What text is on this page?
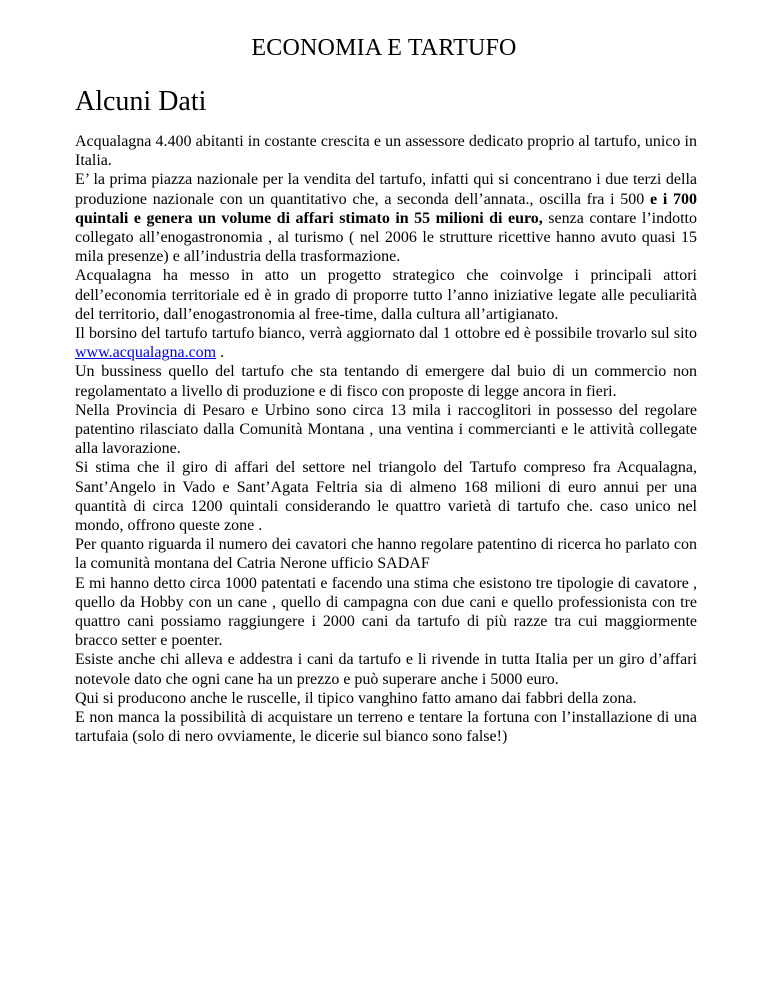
ECONOMIA E TARTUFO
Alcuni Dati

Acqualagna 4.400 abitanti in costante crescita e un assessore dedicato proprio al tartufo, unico in Italia.

E’ la prima piazza nazionale per la vendita del tartufo, infatti qui si concentrano i due terzi della produzione nazionale con un quantitativo che, a seconda dell’annata., oscilla fra i 500 e i 700 quintali e genera un volume di affari stimato in 55 milioni di euro, senza contare l’indotto collegato all’enogastronomia , al turismo ( nel 2006 le strutture ricettive hanno avuto quasi 15 mila presenze) e all’industria della trasformazione.

Acqualagna ha messo in atto un progetto strategico che coinvolge i principali attori dell’economia territoriale ed è in grado di proporre tutto l’anno iniziative legate alle peculiarità del territorio, dall’enogastronomia al free-time, dalla cultura all’artigianato.

Il borsino del tartufo tartufo bianco, verrà aggiornato dal 1 ottobre ed è possibile trovarlo sul sito www.acqualagna.com .

Un bussiness quello del tartufo che sta tentando di emergere dal buio di un commercio non regolamentato a livello di produzione e di fisco con proposte di legge ancora in fieri.

Nella Provincia di Pesaro e Urbino sono circa 13 mila i raccoglitori in possesso del regolare patentino rilasciato dalla Comunità Montana , una ventina i commercianti e le attività collegate alla lavorazione.

Si stima che il giro di affari del settore nel triangolo del Tartufo compreso fra Acqualagna, Sant’Angelo in Vado e Sant’Agata Feltria sia di almeno 168 milioni di euro annui per una quantità di circa 1200 quintali considerando le quattro varietà di tartufo che. caso unico nel mondo, offrono queste zone .

Per quanto riguarda il numero dei cavatori che hanno regolare patentino di ricerca ho parlato con la comunità montana del Catria Nerone ufficio SADAF

E mi hanno detto circa 1000 patentati e facendo una stima che esistono tre tipologie di cavatore , quello da Hobby con un cane , quello di campagna con due cani e quello professionista con tre quattro cani possiamo raggiungere i 2000 cani da tartufo di più razze tra cui maggiormente bracco setter e poenter.

Esiste anche chi alleva e addestra i cani da tartufo e li rivende in tutta Italia per un giro d’affari notevole dato che ogni cane ha un prezzo e può superare anche i 5000 euro.

Qui si producono anche le ruscelle, il tipico vanghino fatto amano dai fabbri della zona.

E non manca la possibilità di acquistare un terreno e tentare la fortuna con l’installazione di una tartufaia (solo di nero ovviamente, le dicerie sul bianco sono false!)
